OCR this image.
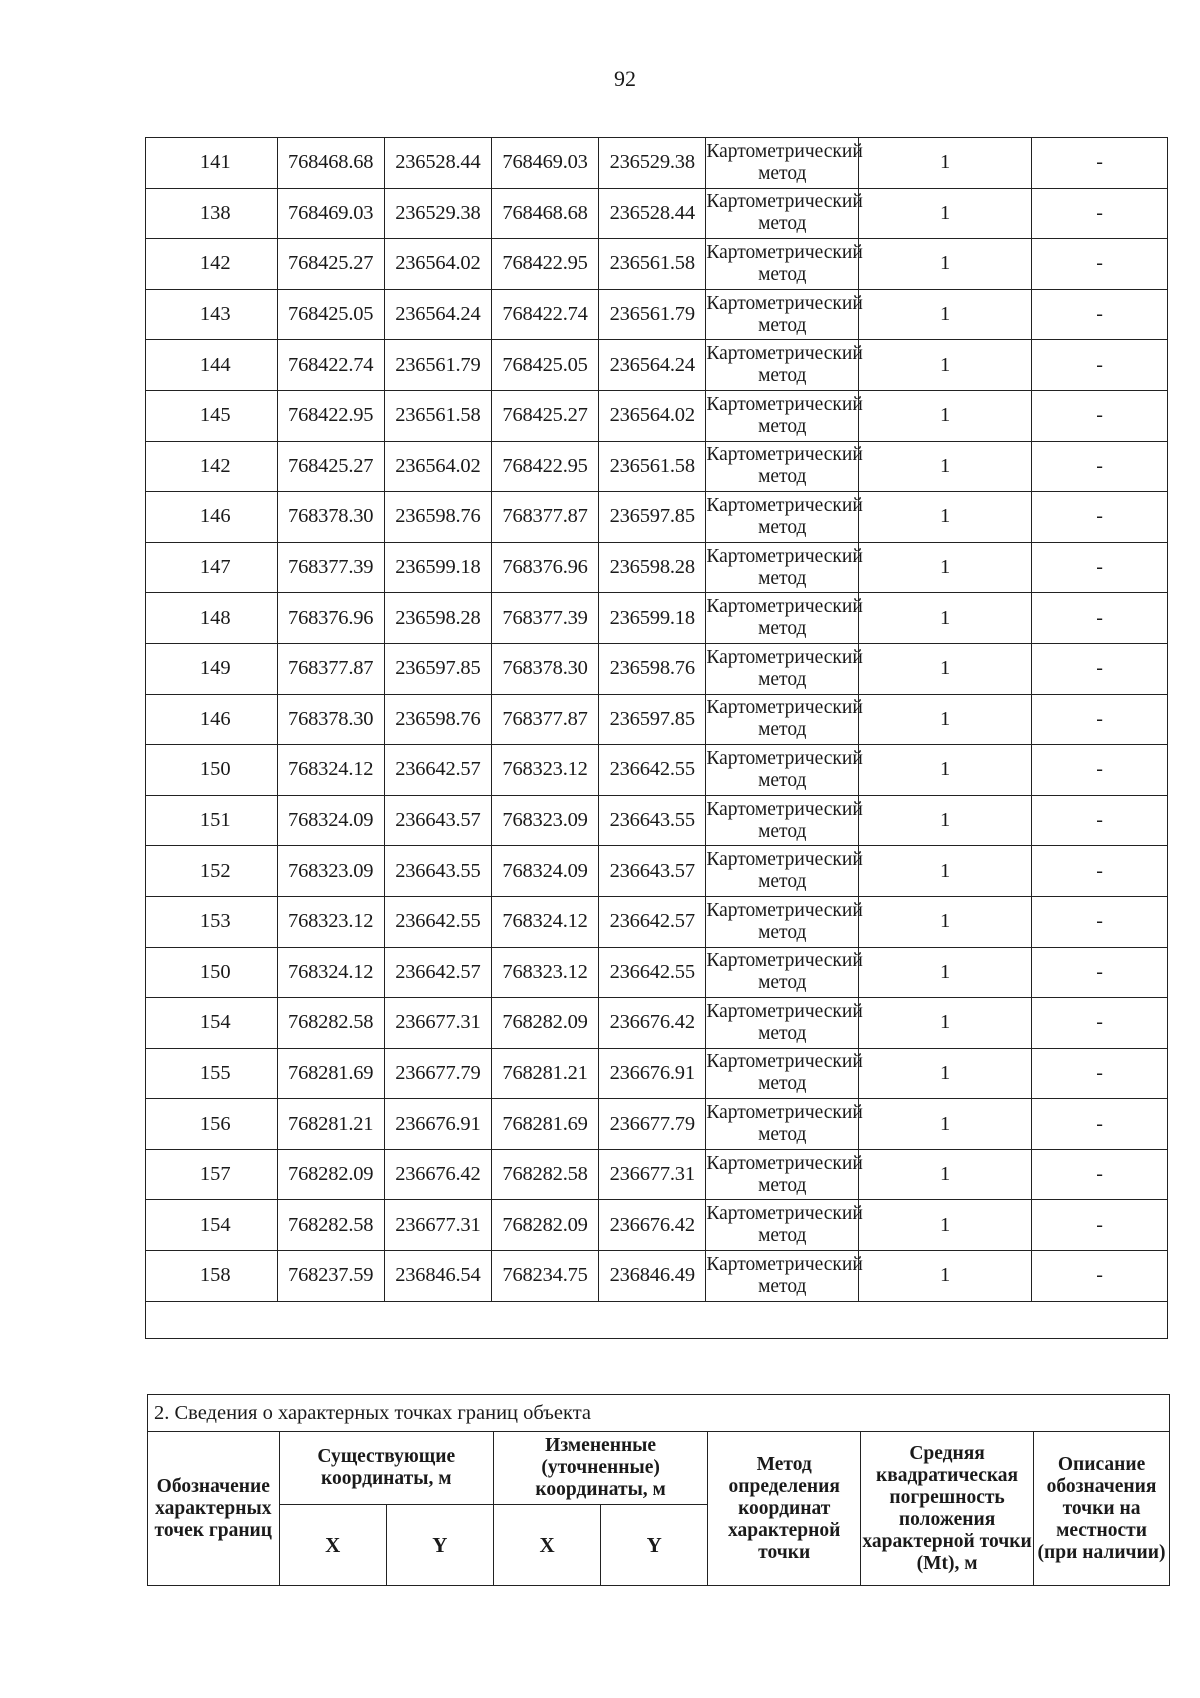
92
141	768468.68	236528.44	768469.03	236529.38	Картометрический метод	1	-
138	768469.03	236529.38	768468.68	236528.44	Картометрический метод	1	-
142	768425.27	236564.02	768422.95	236561.58	Картометрический метод	1	-
143	768425.05	236564.24	768422.74	236561.79	Картометрический метод	1	-
144	768422.74	236561.79	768425.05	236564.24	Картометрический метод	1	-
145	768422.95	236561.58	768425.27	236564.02	Картометрический метод	1	-
142	768425.27	236564.02	768422.95	236561.58	Картометрический метод	1	-
146	768378.30	236598.76	768377.87	236597.85	Картометрический метод	1	-
147	768377.39	236599.18	768376.96	236598.28	Картометрический метод	1	-
148	768376.96	236598.28	768377.39	236599.18	Картометрический метод	1	-
149	768377.87	236597.85	768378.30	236598.76	Картометрический метод	1	-
146	768378.30	236598.76	768377.87	236597.85	Картометрический метод	1	-
150	768324.12	236642.57	768323.12	236642.55	Картометрический метод	1	-
151	768324.09	236643.57	768323.09	236643.55	Картометрический метод	1	-
152	768323.09	236643.55	768324.09	236643.57	Картометрический метод	1	-
153	768323.12	236642.55	768324.12	236642.57	Картометрический метод	1	-
150	768324.12	236642.57	768323.12	236642.55	Картометрический метод	1	-
154	768282.58	236677.31	768282.09	236676.42	Картометрический метод	1	-
155	768281.69	236677.79	768281.21	236676.91	Картометрический метод	1	-
156	768281.21	236676.91	768281.69	236677.79	Картометрический метод	1	-
157	768282.09	236676.42	768282.58	236677.31	Картометрический метод	1	-
154	768282.58	236677.31	768282.09	236676.42	Картометрический метод	1	-
158	768237.59	236846.54	768234.75	236846.49	Картометрический метод	1	-

2. Сведения о характерных точках границ объекта							
Обозначение характерных точек границ	Существующие координаты, м		Измененные (уточненные) координаты, м		Метод определения координат характерной точки	Средняя квадратическая погрешность положения характерной точки (Mt), м	Описание обозначения точки на местности (при наличии)
	X	Y	X	Y			
